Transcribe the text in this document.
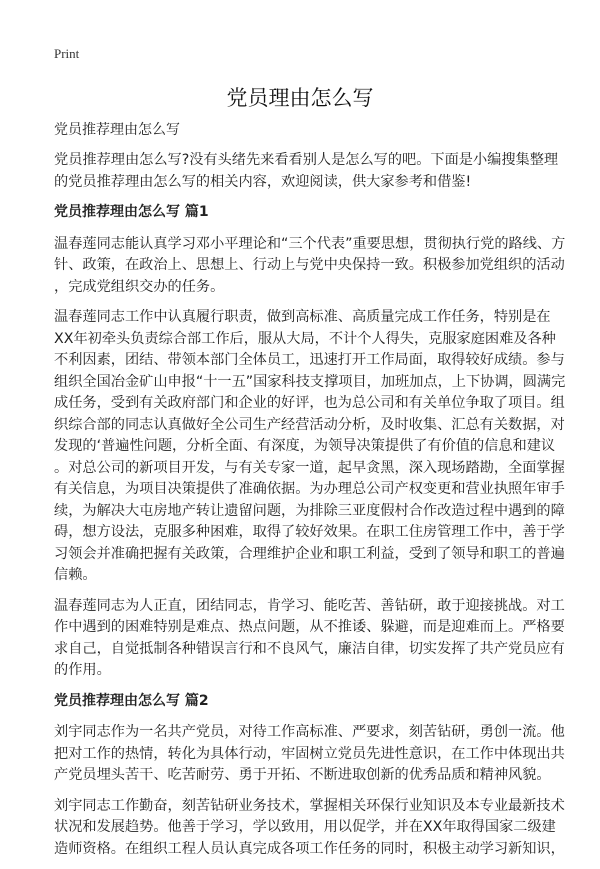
Print
党员理由怎么写
党员推荐理由怎么写
党员推荐理由怎么写?没有头绪先来看看别人是怎么写的吧。下面是小编搜集整理
的党员推荐理由怎么写的相关内容，欢迎阅读，供大家参考和借鉴!
党员推荐理由怎么写 篇1
温春莲同志能认真学习邓小平理论和“三个代表”重要思想，贯彻执行党的路线、方
针、政策，在政治上、思想上、行动上与党中央保持一致。积极参加党组织的活动
，完成党组织交办的任务。
温春莲同志工作中认真履行职责，做到高标准、高质量完成工作任务，特别是在
XX年初牵头负责综合部工作后，服从大局，不计个人得失，克服家庭困难及各种
不利因素，团结、带领本部门全体员工，迅速打开工作局面，取得较好成绩。参与
组织全国冶金矿山申报“十一五”国家科技支撑项目，加班加点，上下协调，圆满完
成任务，受到有关政府部门和企业的好评，也为总公司和有关单位争取了项目。组
织综合部的同志认真做好全公司生产经营活动分析，及时收集、汇总有关数据，对
发现的‘普遍性问题，分析全面、有深度，为领导决策提供了有价值的信息和建议
。对总公司的新项目开发，与有关专家一道，起早贪黑，深入现场踏勘，全面掌握
有关信息，为项目决策提供了准确依据。为办理总公司产权变更和营业执照年审手
续，为解决大屯房地产转让遗留问题，为排除三亚度假村合作改造过程中遇到的障
碍，想方设法，克服多种困难，取得了较好效果。在职工住房管理工作中，善于学
习领会并准确把握有关政策，合理维护企业和职工利益，受到了领导和职工的普遍
信赖。
温春莲同志为人正直，团结同志，肯学习、能吃苦、善钻研，敢于迎接挑战。对工
作中遇到的困难特别是难点、热点问题，从不推诿、躲避，而是迎难而上。严格要
求自己，自觉抵制各种错误言行和不良风气，廉洁自律，切实发挥了共产党员应有
的作用。
党员推荐理由怎么写 篇2
刘宇同志作为一名共产党员，对待工作高标准、严要求，刻苦钻研，勇创一流。他
把对工作的热情，转化为具体行动，牢固树立党员先进性意识，在工作中体现出共
产党员埋头苦干、吃苦耐劳、勇于开拓、不断进取创新的优秀品质和精神风貌。
刘宇同志工作勤奋，刻苦钻研业务技术，掌握相关环保行业知识及本专业最新技术
状况和发展趋势。他善于学习，学以致用，用以促学，并在XX年取得国家二级建
造师资格。在组织工程人员认真完成各项工作任务的同时，积极主动学习新知识，
